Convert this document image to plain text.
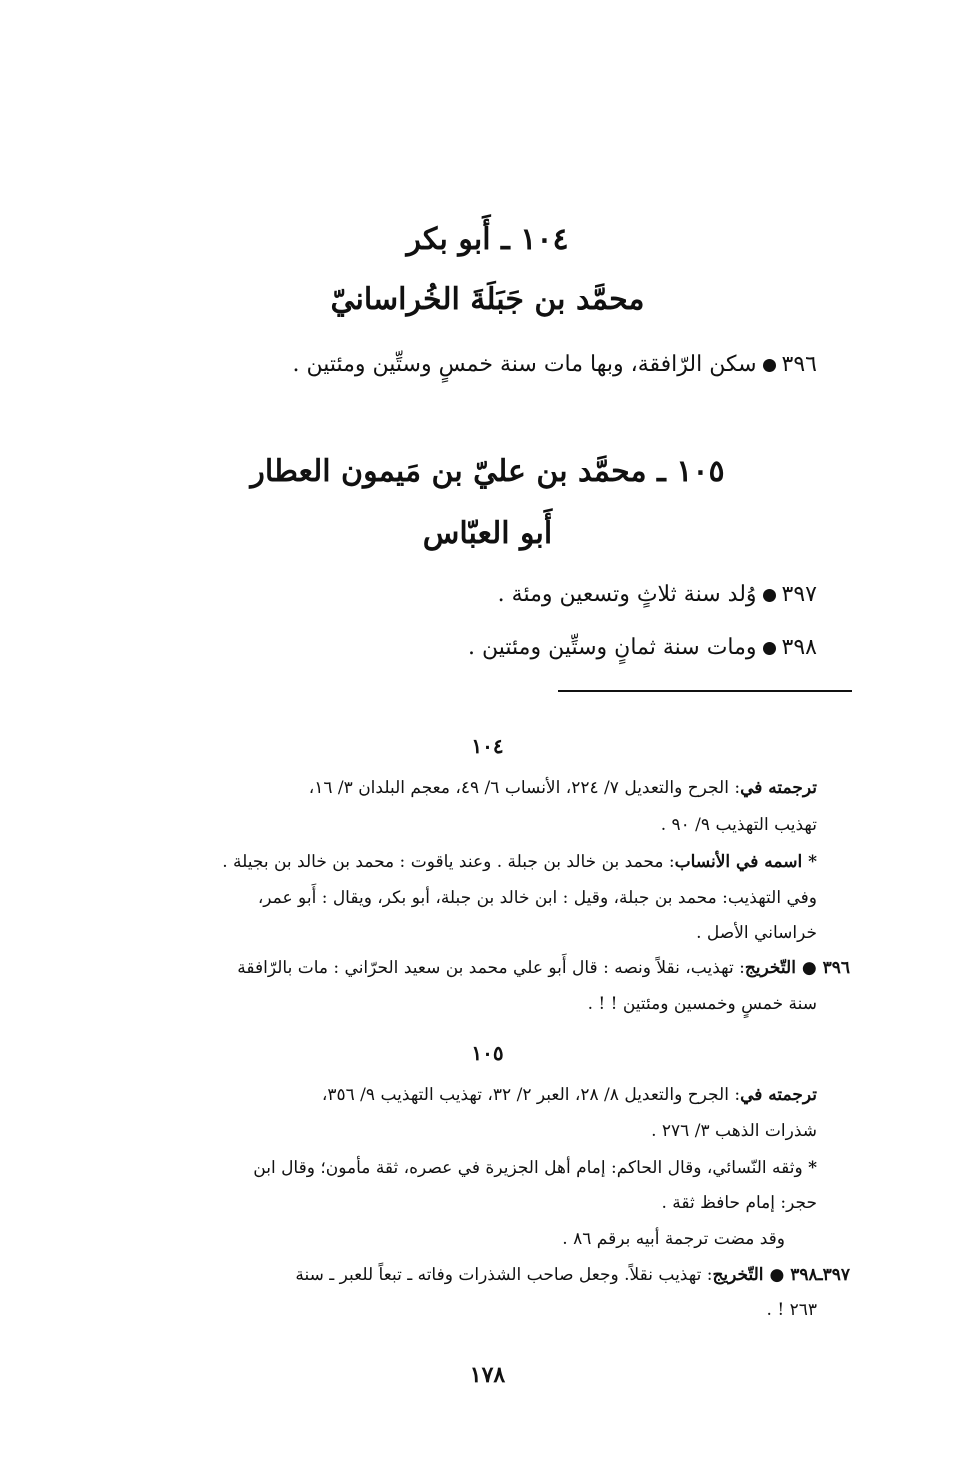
١٠٤ ـ أَبو بكر

محمَّد بن جَبَلَةَ الخُراسانيّ

٣٩٦سكن الرّافقة، وبها مات سنة خمسٍ وستِّين ومئتين .

١٠٥ ـ محمَّد بن عليّ بن مَيمون العطار

أَبو العبّاس

٣٩٧وُلد سنة ثلاثٍ وتسعين ومئة .

٣٩٨ومات سنة ثمانٍ وستِّين ومئتين .

١٠٤

ترجمته في: الجرح والتعديل ٧/ ٢٢٤، الأنساب ٦/ ٤٩، معجم البلدان ٣/ ١٦،

تهذيب التهذيب ٩/ ٩٠ .

* اسمه في الأنساب: محمد بن خالد بن جبلة . وعند ياقوت : محمد بن خالد بن بجيلة .

وفي التهذيب: محمد بن جبلة، وقيل : ابن خالد بن جبلة، أبو بكر، ويقال : أَبو عمر،

خراساني الأصل .

٣٩٦ ● التّخريج: تهذيب، نقلاً ونصه : قال أَبو علي محمد بن سعيد الحرّاني : مات بالرّافقة

سنة خمسٍ وخمسين ومئتين ! ! .

١٠٥

ترجمته في: الجرح والتعديل ٨/ ٢٨، العبر ٢/ ٣٢، تهذيب التهذيب ٩/ ٣٥٦،

شذرات الذهب ٣/ ٢٧٦ .

* وثقه النّسائي، وقال الحاكم: إمام أهل الجزيرة في عصره، ثقة مأمون؛ وقال ابن

حجر: إمام حافظ ثقة .

وقد مضت ترجمة أبيه برقم ٨٦ .

٣٩٧ـ٣٩٨ ● التّخريج: تهذيب نقلاً. وجعل صاحب الشذرات وفاته ـ تبعاً للعبر ـ سنة

٢٦٣ ! .

١٧٨
